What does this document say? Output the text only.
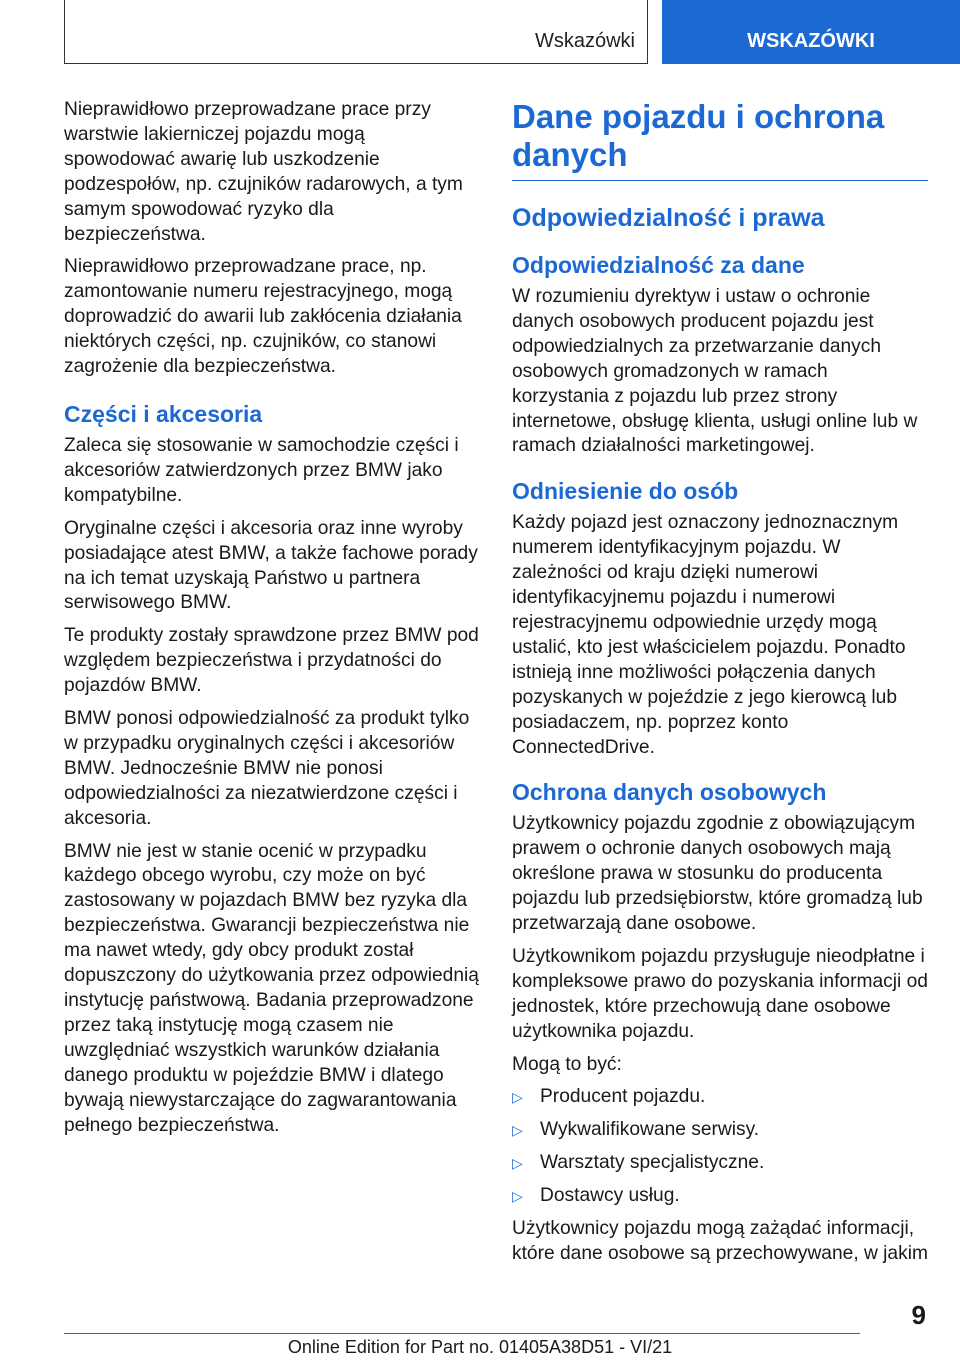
Wskazówki	WSKAZÓWKI

Nieprawidłowo przeprowadzane prace przy warstwie lakierniczej pojazdu mogą spowodować awarię lub uszkodzenie podzespołów, np. czujników radarowych, a tym samym spowodować ryzyko dla bezpieczeństwa.

Nieprawidłowo przeprowadzane prace, np. zamontowanie numeru rejestracyjnego, mogą doprowadzić do awarii lub zakłócenia działania niektórych części, np. czujników, co stanowi zagrożenie dla bezpieczeństwa.

Części i akcesoria

Zaleca się stosowanie w samochodzie części i akcesoriów zatwierdzonych przez BMW jako kompatybilne.

Oryginalne części i akcesoria oraz inne wyroby posiadające atest BMW, a także fachowe porady na ich temat uzyskają Państwo u partnera serwisowego BMW.

Te produkty zostały sprawdzone przez BMW pod względem bezpieczeństwa i przydatności do pojazdów BMW.

BMW ponosi odpowiedzialność za produkt tylko w przypadku oryginalnych części i akcesoriów BMW. Jednocześnie BMW nie ponosi odpowiedzialności za niezatwierdzone części i akcesoria.

BMW nie jest w stanie ocenić w przypadku każdego obcego wyrobu, czy może on być zastosowany w pojazdach BMW bez ryzyka dla bezpieczeństwa. Gwarancji bezpieczeństwa nie ma nawet wtedy, gdy obcy produkt został dopuszczony do użytkowania przez odpowiednią instytucję państwową. Badania przeprowadzone przez taką instytucję mogą czasem nie uwzględniać wszystkich warunków działania danego produktu w pojeździe BMW i dlatego bywają niewystarczające do zagwarantowania pełnego bezpieczeństwa.

Dane pojazdu i ochrona danych
Odpowiedzialność i prawa
Odpowiedzialność za dane

W rozumieniu dyrektyw i ustaw o ochronie danych osobowych producent pojazdu jest odpowiedzialnych za przetwarzanie danych osobowych gromadzonych w ramach korzystania z pojazdu lub przez strony internetowe, obsługę klienta, usługi online lub w ramach działalności marketingowej.

Odniesienie do osób

Każdy pojazd jest oznaczony jednoznacznym numerem identyfikacyjnym pojazdu. W zależności od kraju dzięki numerowi identyfikacyjnemu pojazdu i numerowi rejestracyjnemu odpowiednie urzędy mogą ustalić, kto jest właścicielem pojazdu. Ponadto istnieją inne możliwości połączenia danych pozyskanych w pojeździe z jego kierowcą lub posiadaczem, np. poprzez konto ConnectedDrive.

Ochrona danych osobowych

Użytkownicy pojazdu zgodnie z obowiązującym prawem o ochronie danych osobowych mają określone prawa w stosunku do producenta pojazdu lub przedsiębiorstw, które gromadzą lub przetwarzają dane osobowe.

Użytkownikom pojazdu przysługuje nieodpłatne i kompleksowe prawo do pozyskania informacji od jednostek, które przechowują dane osobowe użytkownika pojazdu.

Mogą to być:

▷ Producent pojazdu.

▷ Wykwalifikowane serwisy.

▷ Warsztaty specjalistyczne.

▷ Dostawcy usług.

Użytkownicy pojazdu mogą zażądać informacji, które dane osobowe są przechowywane, w jakim

9
Online Edition for Part no. 01405A38D51 - VI/21
